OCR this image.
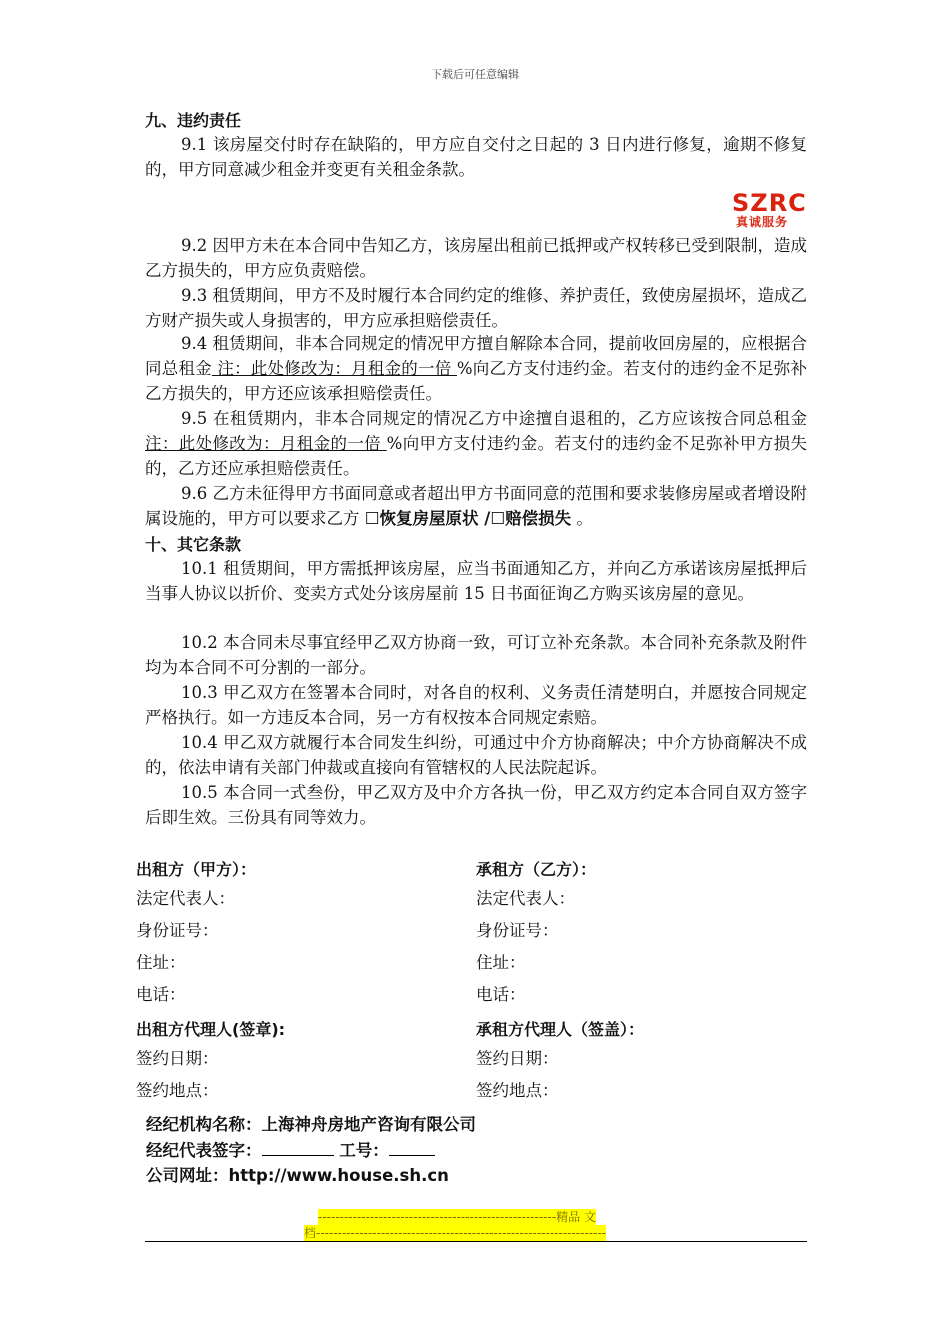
下载后可任意编辑
九、违约责任
9.1 该房屋交付时存在缺陷的，甲方应自交付之日起的 3 日内进行修复，逾期不修复的，甲方同意减少租金并变更有关租金条款。
SZRC
真诚服务
9.2 因甲方未在本合同中告知乙方，该房屋出租前已抵押或产权转移已受到限制，造成乙方损失的，甲方应负责赔偿。
9.3 租赁期间，甲方不及时履行本合同约定的维修、养护责任，致使房屋损坏，造成乙方财产损失或人身损害的，甲方应承担赔偿责任。
9.4 租赁期间，非本合同规定的情况甲方擅自解除本合同，提前收回房屋的，应根据合同总租金 注：此处修改为：月租金的一倍 %向乙方支付违约金。若支付的违约金不足弥补乙方损失的，甲方还应该承担赔偿责任。
9.5 在租赁期内，非本合同规定的情况乙方中途擅自退租的，乙方应该按合同总租金 注：此处修改为：月租金的一倍 %向甲方支付违约金。若支付的违约金不足弥补甲方损失的，乙方还应承担赔偿责任。
9.6 乙方未征得甲方书面同意或者超出甲方书面同意的范围和要求装修房屋或者增设附属设施的，甲方可以要求乙方 ☐恢复房屋原状 /☐赔偿损失 。
十、其它条款
10.1 租赁期间，甲方需抵押该房屋，应当书面通知乙方，并向乙方承诺该房屋抵押后当事人协议以折价、变卖方式处分该房屋前 15 日书面征询乙方购买该房屋的意见。
10.2 本合同未尽事宜经甲乙双方协商一致，可订立补充条款。本合同补充条款及附件均为本合同不可分割的一部分。
10.3 甲乙双方在签署本合同时，对各自的权利、义务责任清楚明白，并愿按合同规定严格执行。如一方违反本合同，另一方有权按本合同规定索赔。
10.4 甲乙双方就履行本合同发生纠纷，可通过中介方协商解决；中介方协商解决不成的，依法申请有关部门仲裁或直接向有管辖权的人民法院起诉。
10.5 本合同一式叁份，甲乙双方及中介方各执一份，甲乙双方约定本合同自双方签字后即生效。三份具有同等效力。
出租方（甲方）：
法定代表人：
身份证号：
住址：
电话：
出租方代理人(签章):
签约日期：
签约地点：
承租方（乙方）：
法定代表人：
身份证号：
住址：
电话：
承租方代理人（签盖）：
签约日期：
签约地点：
经纪机构名称：上海神舟房地产咨询有限公司
经纪代表签字：	工号：
公司网址：http://www.house.sh.cn
-------------------------------------------------------精品 文
档-------------------------------------------------------------------
